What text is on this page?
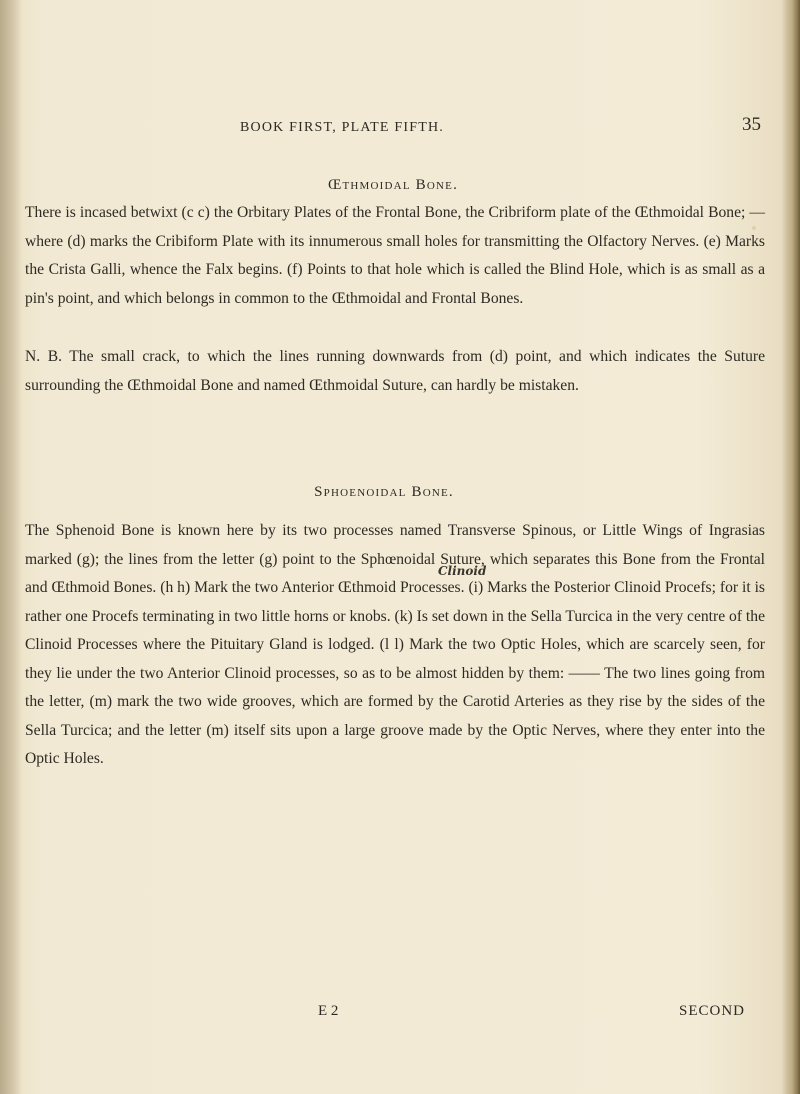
BOOK FIRST, PLATE FIFTH.	35
Œthmoidal Bone.
There is incased betwixt (c c) the Orbitary Plates of the Frontal Bone, the Cribriform plate of the Œthmoidal Bone; — where (d) marks the Cribiform Plate with its innumerous small holes for transmitting the Olfactory Nerves. (e) Marks the Crista Galli, whence the Falx begins. (f) Points to that hole which is called the Blind Hole, which is as small as a pin's point, and which belongs in common to the Œthmoidal and Frontal Bones.
N. B. The small crack, to which the lines running downwards from (d) point, and which indicates the Suture surrounding the Œthmoidal Bone and named Œthmoidal Suture, can hardly be mistaken.
Sphoenoidal Bone.
The Sphenoid Bone is known here by its two processes named Transverse Spinous, or Little Wings of Ingrasias marked (g); the lines from the letter (g) point to the Sphœnoidal Suture, which separates this Bone from the Frontal and Œthmoid Bones. (h h) Mark the two Anterior Œthmoid Processes. (i) Marks the Posterior Clinoid Procefs; for it is rather one Procefs terminating in two little horns or knobs. (k) Is set down in the Sella Turcica in the very centre of the Clinoid Processes where the Pituitary Gland is lodged. (l l) Mark the two Optic Holes, which are scarcely seen, for they lie under the two Anterior Clinoid processes, so as to be almost hidden by them: —— The two lines going from the letter, (m) mark the two wide grooves, which are formed by the Carotid Arteries as they rise by the sides of the Sella Turcica; and the letter (m) itself sits upon a large groove made by the Optic Nerves, where they enter into the Optic Holes.
Clinoid
E 2	SECOND
